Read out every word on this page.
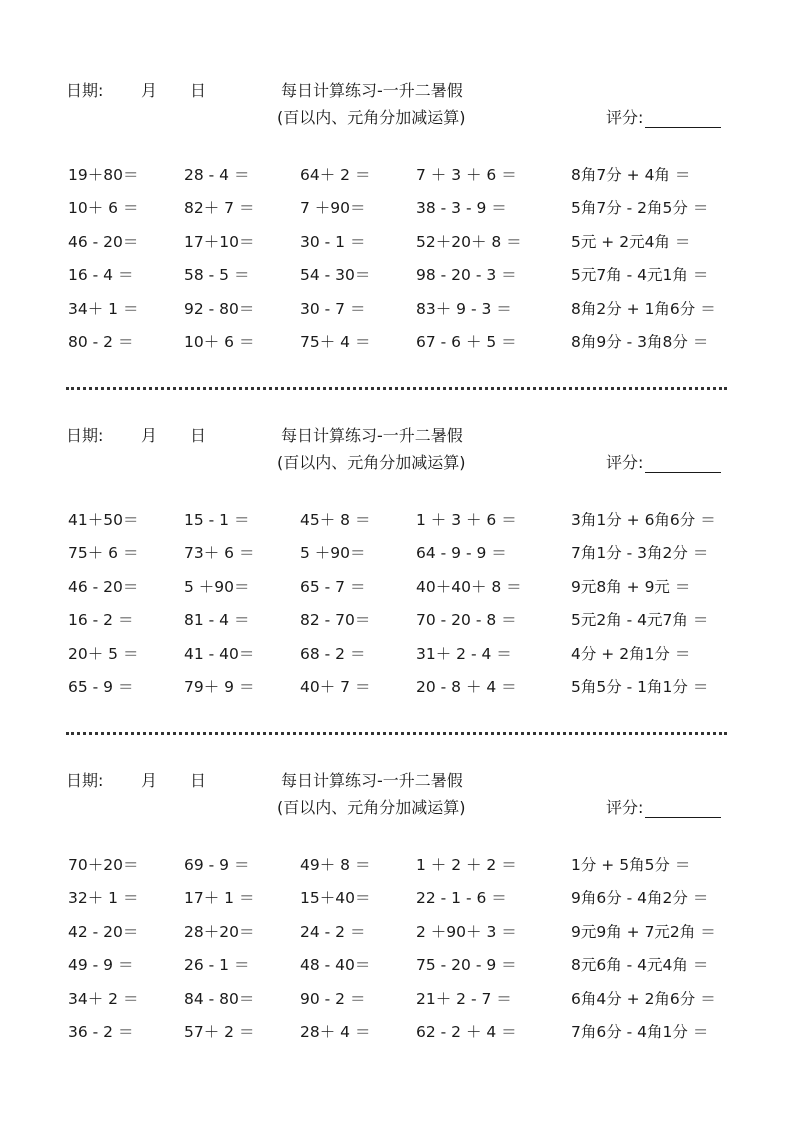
日期: 月 日	每日计算练习-一升二暑假
(百以内、元角分加减运算)	评分:
19＋80＝	28 - 4 ＝	64＋ 2 ＝	7 ＋ 3 ＋ 6 ＝	8角7分 + 4角 ＝
10＋ 6 ＝	82＋ 7 ＝	7 ＋90＝	38 - 3 - 9 ＝	5角7分 - 2角5分 ＝
46 - 20＝	17＋10＝	30 - 1 ＝	52＋20＋ 8 ＝	5元 + 2元4角 ＝
16 - 4 ＝	58 - 5 ＝	54 - 30＝	98 - 20 - 3 ＝	5元7角 - 4元1角 ＝
34＋ 1 ＝	92 - 80＝	30 - 7 ＝	83＋ 9 - 3 ＝	8角2分 + 1角6分 ＝
80 - 2 ＝	10＋ 6 ＝	75＋ 4 ＝	67 - 6 ＋ 5 ＝	8角9分 - 3角8分 ＝
日期: 月 日	每日计算练习-一升二暑假
(百以内、元角分加减运算)	评分:
41＋50＝	15 - 1 ＝	45＋ 8 ＝	1 ＋ 3 ＋ 6 ＝	3角1分 + 6角6分 ＝
75＋ 6 ＝	73＋ 6 ＝	5 ＋90＝	64 - 9 - 9 ＝	7角1分 - 3角2分 ＝
46 - 20＝	5 ＋90＝	65 - 7 ＝	40＋40＋ 8 ＝	9元8角 + 9元 ＝
16 - 2 ＝	81 - 4 ＝	82 - 70＝	70 - 20 - 8 ＝	5元2角 - 4元7角 ＝
20＋ 5 ＝	41 - 40＝	68 - 2 ＝	31＋ 2 - 4 ＝	4分 + 2角1分 ＝
65 - 9 ＝	79＋ 9 ＝	40＋ 7 ＝	20 - 8 ＋ 4 ＝	5角5分 - 1角1分 ＝
日期: 月 日	每日计算练习-一升二暑假
(百以内、元角分加减运算)	评分:
70＋20＝	69 - 9 ＝	49＋ 8 ＝	1 ＋ 2 ＋ 2 ＝	1分 + 5角5分 ＝
32＋ 1 ＝	17＋ 1 ＝	15＋40＝	22 - 1 - 6 ＝	9角6分 - 4角2分 ＝
42 - 20＝	28＋20＝	24 - 2 ＝	2 ＋90＋ 3 ＝	9元9角 + 7元2角 ＝
49 - 9 ＝	26 - 1 ＝	48 - 40＝	75 - 20 - 9 ＝	8元6角 - 4元4角 ＝
34＋ 2 ＝	84 - 80＝	90 - 2 ＝	21＋ 2 - 7 ＝	6角4分 + 2角6分 ＝
36 - 2 ＝	57＋ 2 ＝	28＋ 4 ＝	62 - 2 ＋ 4 ＝	7角6分 - 4角1分 ＝
